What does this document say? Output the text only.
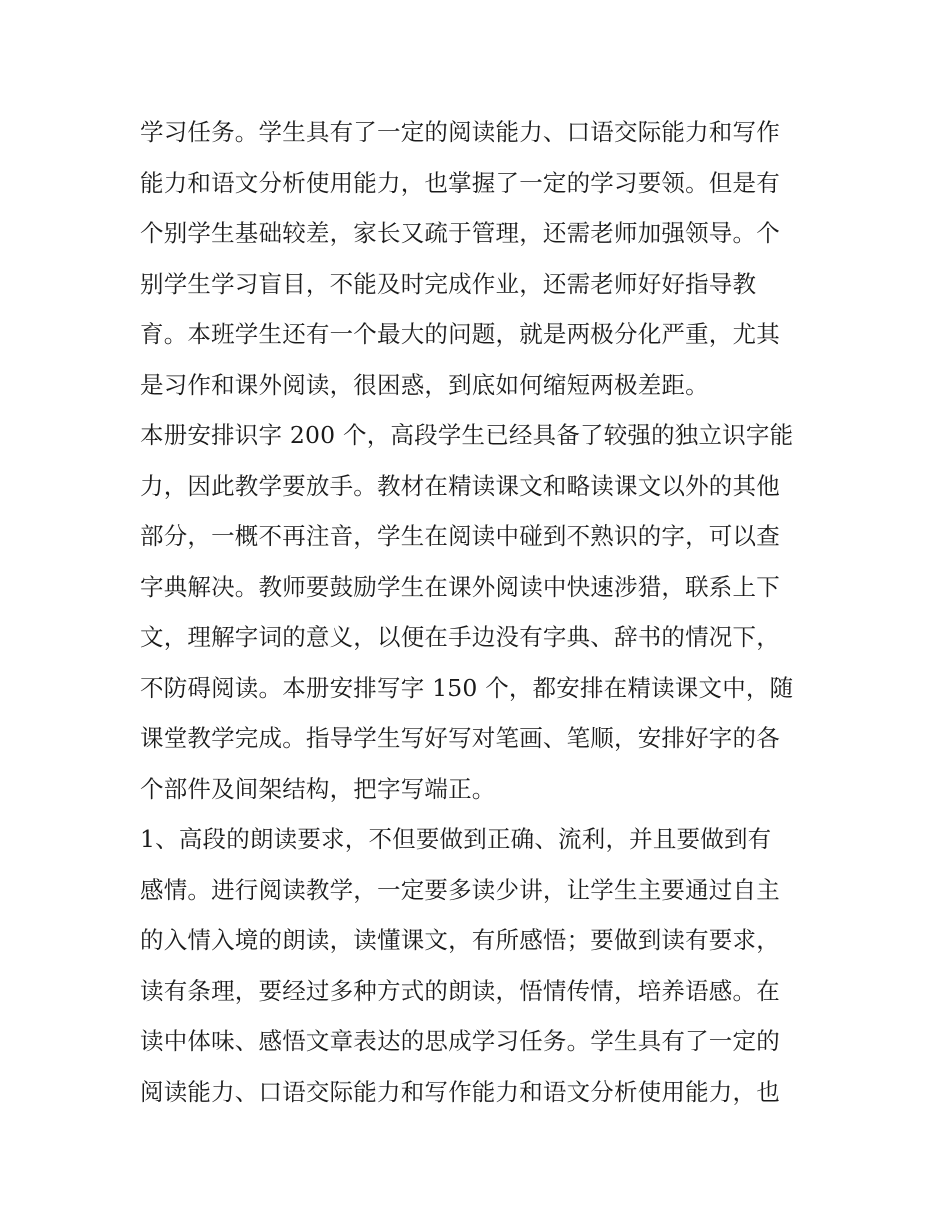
学习任务。学生具有了一定的阅读能力、口语交际能力和写作
能力和语文分析使用能力，也掌握了一定的学习要领。但是有
个别学生基础较差，家长又疏于管理，还需老师加强领导。个
别学生学习盲目，不能及时完成作业，还需老师好好指导教
育。本班学生还有一个最大的问题，就是两极分化严重，尤其
是习作和课外阅读，很困惑，到底如何缩短两极差距。
本册安排识字 200 个，高段学生已经具备了较强的独立识字能
力，因此教学要放手。教材在精读课文和略读课文以外的其他
部分，一概不再注音，学生在阅读中碰到不熟识的字，可以查
字典解决。教师要鼓励学生在课外阅读中快速涉猎，联系上下
文，理解字词的意义，以便在手边没有字典、辞书的情况下，
不防碍阅读。本册安排写字 150 个，都安排在精读课文中，随
课堂教学完成。指导学生写好写对笔画、笔顺，安排好字的各
个部件及间架结构，把字写端正。
1、高段的朗读要求，不但要做到正确、流利，并且要做到有
感情。进行阅读教学，一定要多读少讲，让学生主要通过自主
的入情入境的朗读，读懂课文，有所感悟；要做到读有要求，
读有条理，要经过多种方式的朗读，悟情传情，培养语感。在
读中体味、感悟文章表达的思成学习任务。学生具有了一定的
阅读能力、口语交际能力和写作能力和语文分析使用能力，也
